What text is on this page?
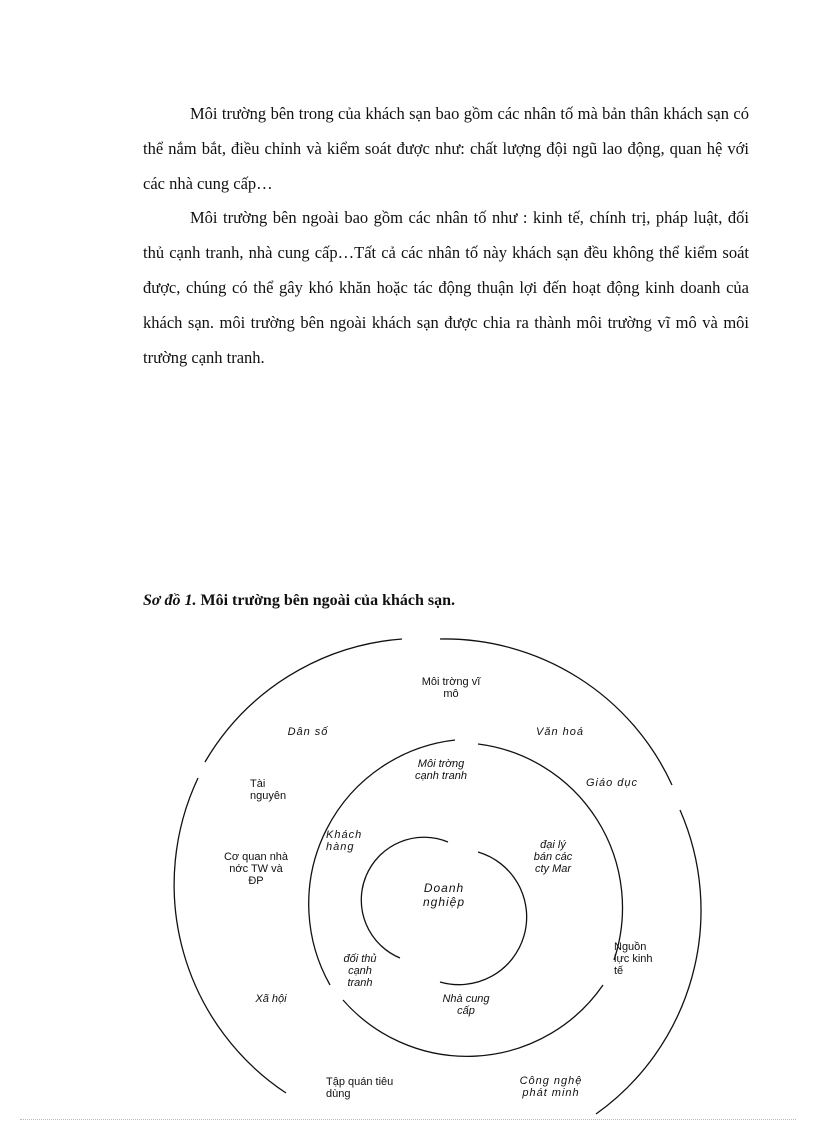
Môi trường bên trong của khách sạn bao gồm các nhân tố mà bản thân khách sạn có thể nắm bắt, điều chỉnh và kiểm soát được như: chất lượng đội ngũ lao động, quan hệ với các nhà cung cấp…

Môi trường bên ngoài bao gồm các nhân tố như : kinh tế, chính trị, pháp luật, đối thủ cạnh tranh, nhà cung cấp…Tất cả các nhân tố này khách sạn đều không thể kiểm soát được, chúng có thể gây khó khăn hoặc tác động thuận lợi đến hoạt động kinh doanh của khách sạn. môi trường bên ngoài khách sạn được chia ra thành môi trường vĩ mô và môi trường cạnh tranh.

Sơ đồ 1. Môi trường bên ngoài của khách sạn.

Môi trờng vĩ
mô
Dân số	Văn hoá
Giáo dục
Tài
nguyên
Cơ quan nhà
nớc TW và
ĐP
Nguồn
lực kinh
tế
Xã hội
Tập quán tiêu
dùng
Công nghệ
phát minh
Môi trờng
cạnh tranh
Khách
hàng	đại lý
bán các
cty Mar
đối thủ
cạnh
tranh
Nhà cung
cấp
Doanh
nghiệp
